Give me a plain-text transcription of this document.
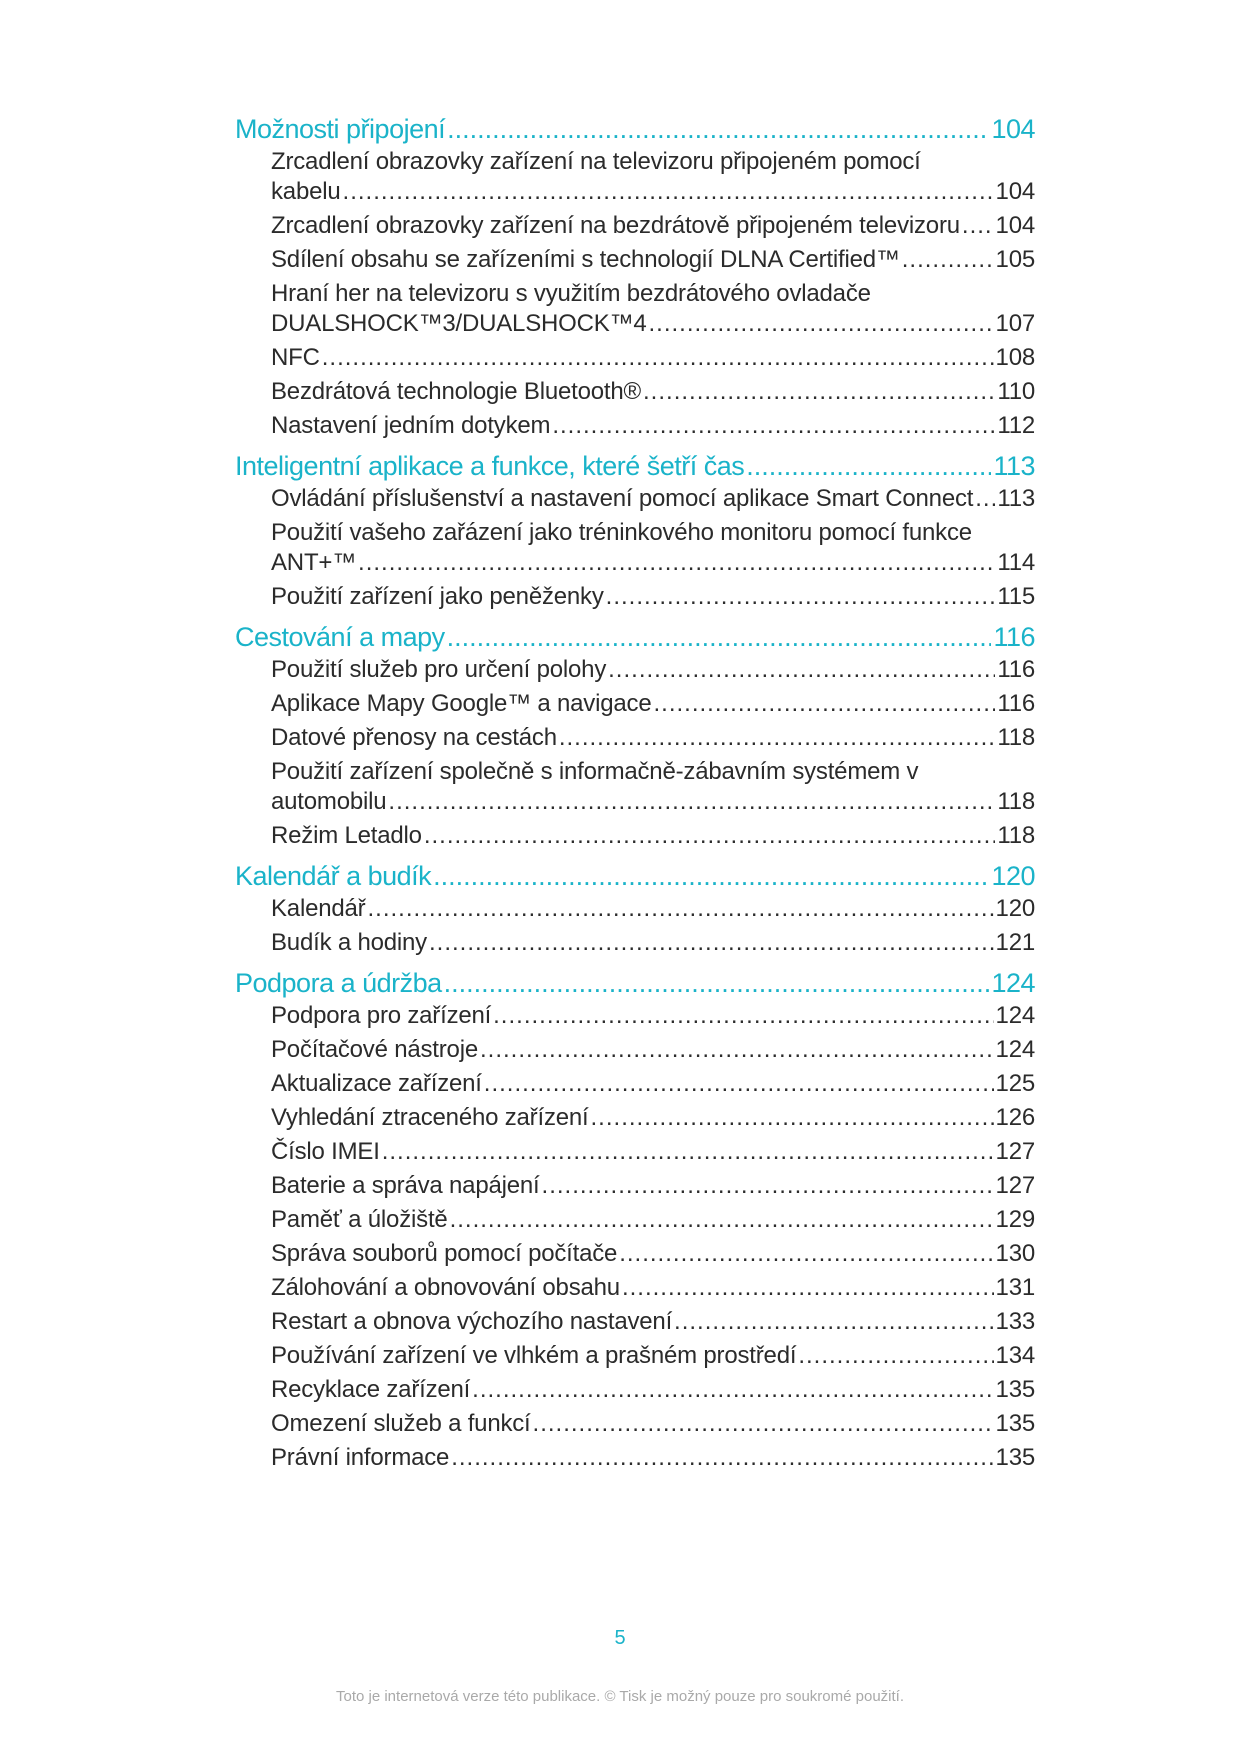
Možnosti připojení .....	104
Zrcadlení obrazovky zařízení na televizoru připojeném pomocí
kabelu .....	104
Zrcadlení obrazovky zařízení na bezdrátově připojeném televizoru ..... 104
Sdílení obsahu se zařízeními s technologií DLNA Certified™ .....	105
Hraní her na televizoru s využitím bezdrátového ovladače
DUALSHOCK™3/DUALSHOCK™4 .....	107
NFC .....	108
Bezdrátová technologie Bluetooth® .....	110
Nastavení jedním dotykem .....	112
Inteligentní aplikace a funkce, které šetří čas .....	113
Ovládání příslušenství a nastavení pomocí aplikace Smart Connect ..... 113
Použití vašeho zařázení jako tréninkového monitoru pomocí funkce
ANT+™ .....	114
Použití zařízení jako peněženky .....	115
Cestování a mapy .....	116
Použití služeb pro určení polohy .....	116
Aplikace Mapy Google™ a navigace .....	116
Datové přenosy na cestách .....	118
Použití zařízení společně s informačně-zábavním systémem v
automobilu .....	118
Režim Letadlo .....	118
Kalendář a budík .....	120
Kalendář .....	120
Budík a hodiny .....	121
Podpora a údržba .....	124
Podpora pro zařízení .....	124
Počítačové nástroje .....	124
Aktualizace zařízení .....	125
Vyhledání ztraceného zařízení .....	126
Číslo IMEI .....	127
Baterie a správa napájení .....	127
Paměť a úložiště .....	129
Správa souborů pomocí počítače .....	130
Zálohování a obnovování obsahu .....	131
Restart a obnova výchozího nastavení .....	133
Používání zařízení ve vlhkém a prašném prostředí .....	134
Recyklace zařízení .....	135
Omezení služeb a funkcí .....	135
Právní informace .....	135
5
Toto je internetová verze této publikace. © Tisk je možný pouze pro soukromé použití.
